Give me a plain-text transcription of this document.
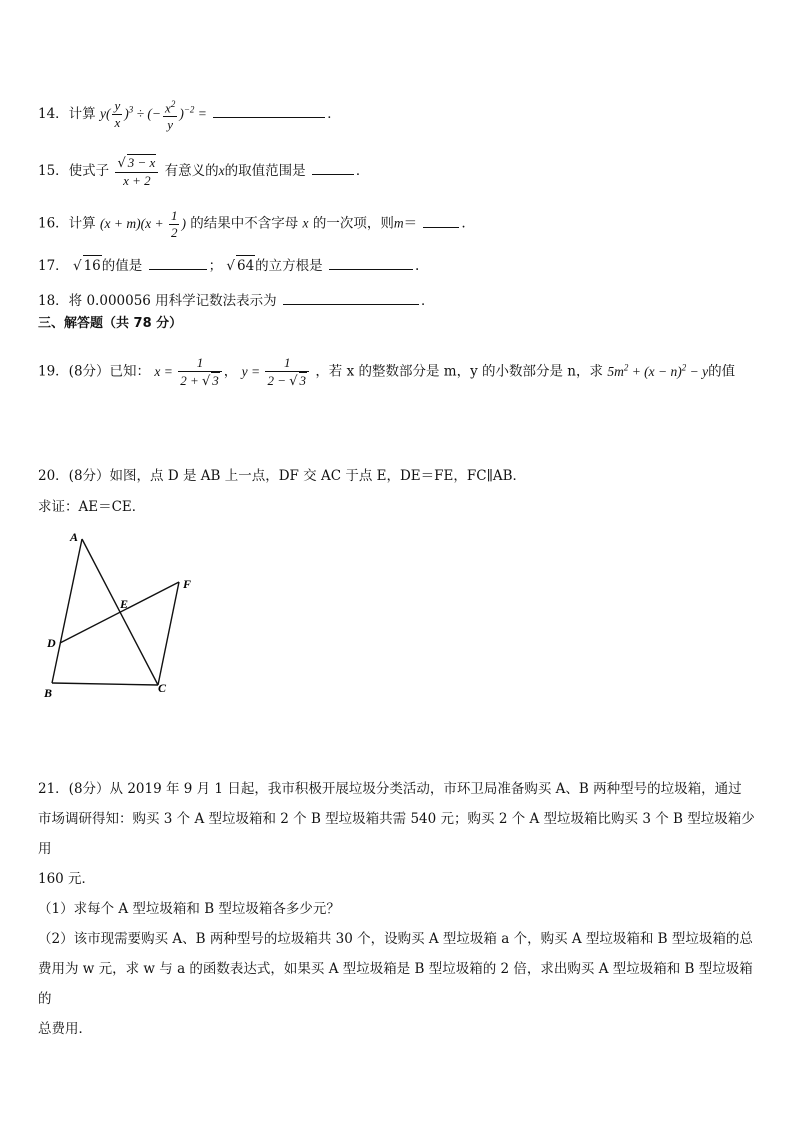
14．计算 $y( \frac{y}{x} )^3$ ÷ (− $\frac{x^2}{y} )^{-2}$ =	．
15．使式子 $\frac{√ 3 - x}{x + 2}$ 有意义的x的取值范围是	．
16．计算 $(x + m)(x + \frac{1}{2}$ ) 的结果中不含字母 x 的一次项，则m＝	.
17． √ 16的值是	； √ 64的立方根是	.
18．将 0.000056 用科学记数法表示为	．
三、解答题（共 78 分）
19．(8分）已知： $x = \frac{1}{2 + √ 3}$ ， $y = \frac{1}{2 - √ 3}$ ，若 x 的整数部分是 m，y 的小数部分是 n，求 $5m^2 + (x - n)^2 - y$的值
20．(8分）如图，点 D 是 AB 上一点，DF 交 AC 于点 E，DE＝FE，FC∥AB．
求证：AE＝CE．
A
B	C
D
E
F
21．(8分）从 2019 年 9 月 1 日起，我市积极开展垃圾分类活动，市环卫局准备购买 A、B 两种型号的垃圾箱，通过
市场调研得知：购买 3 个 A 型垃圾箱和 2 个 B 型垃圾箱共需 540 元；购买 2 个 A 型垃圾箱比购买 3 个 B 型垃圾箱少用
160 元．
（1）求每个 A 型垃圾箱和 B 型垃圾箱各多少元？
（2）该市现需要购买 A、B 两种型号的垃圾箱共 30 个，设购买 A 型垃圾箱 a 个，购买 A 型垃圾箱和 B 型垃圾箱的总
费用为 w 元，求 w 与 a 的函数表达式，如果买 A 型垃圾箱是 B 型垃圾箱的 2 倍，求出购买 A 型垃圾箱和 B 型垃圾箱的
总费用．
